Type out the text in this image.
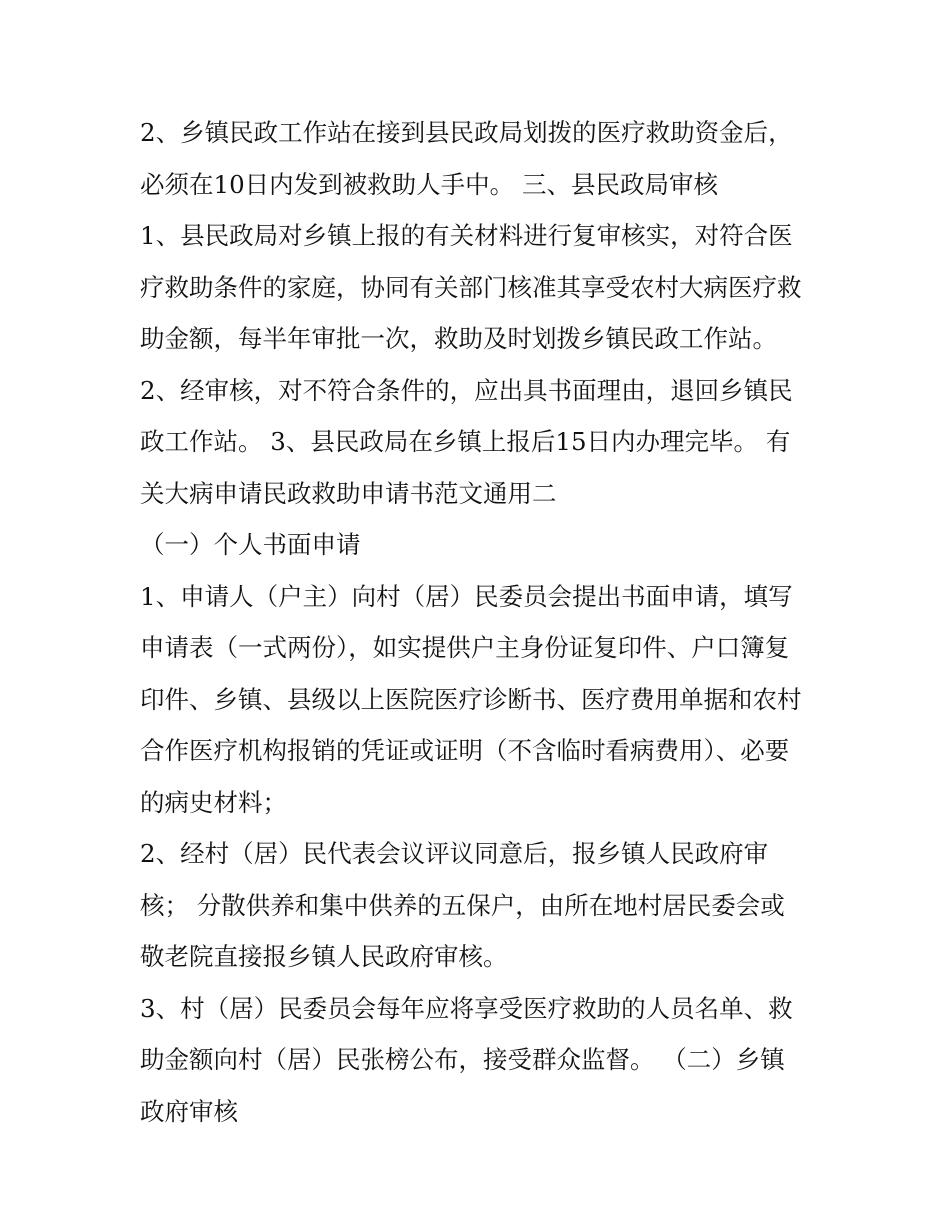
2、乡镇民政工作站在接到县民政局划拨的医疗救助资金后，

必须在10日内发到被救助人手中。 三、县民政局审核

1、县民政局对乡镇上报的有关材料进行复审核实，对符合医

疗救助条件的家庭，协同有关部门核准其享受农村大病医疗救

助金额，每半年审批一次，救助及时划拨乡镇民政工作站。

2、经审核，对不符合条件的，应出具书面理由，退回乡镇民

政工作站。 3、县民政局在乡镇上报后15日内办理完毕。 有

关大病申请民政救助申请书范文通用二

（一）个人书面申请

1、申请人（户主）向村（居）民委员会提出书面申请，填写

申请表（一式两份），如实提供户主身份证复印件、户口簿复

印件、乡镇、县级以上医院医疗诊断书、医疗费用单据和农村

合作医疗机构报销的凭证或证明（不含临时看病费用）、必要

的病史材料；

2、经村（居）民代表会议评议同意后，报乡镇人民政府审

核； 分散供养和集中供养的五保户，由所在地村居民委会或

敬老院直接报乡镇人民政府审核。

3、村（居）民委员会每年应将享受医疗救助的人员名单、救

助金额向村（居）民张榜公布，接受群众监督。 （二）乡镇

政府审核
